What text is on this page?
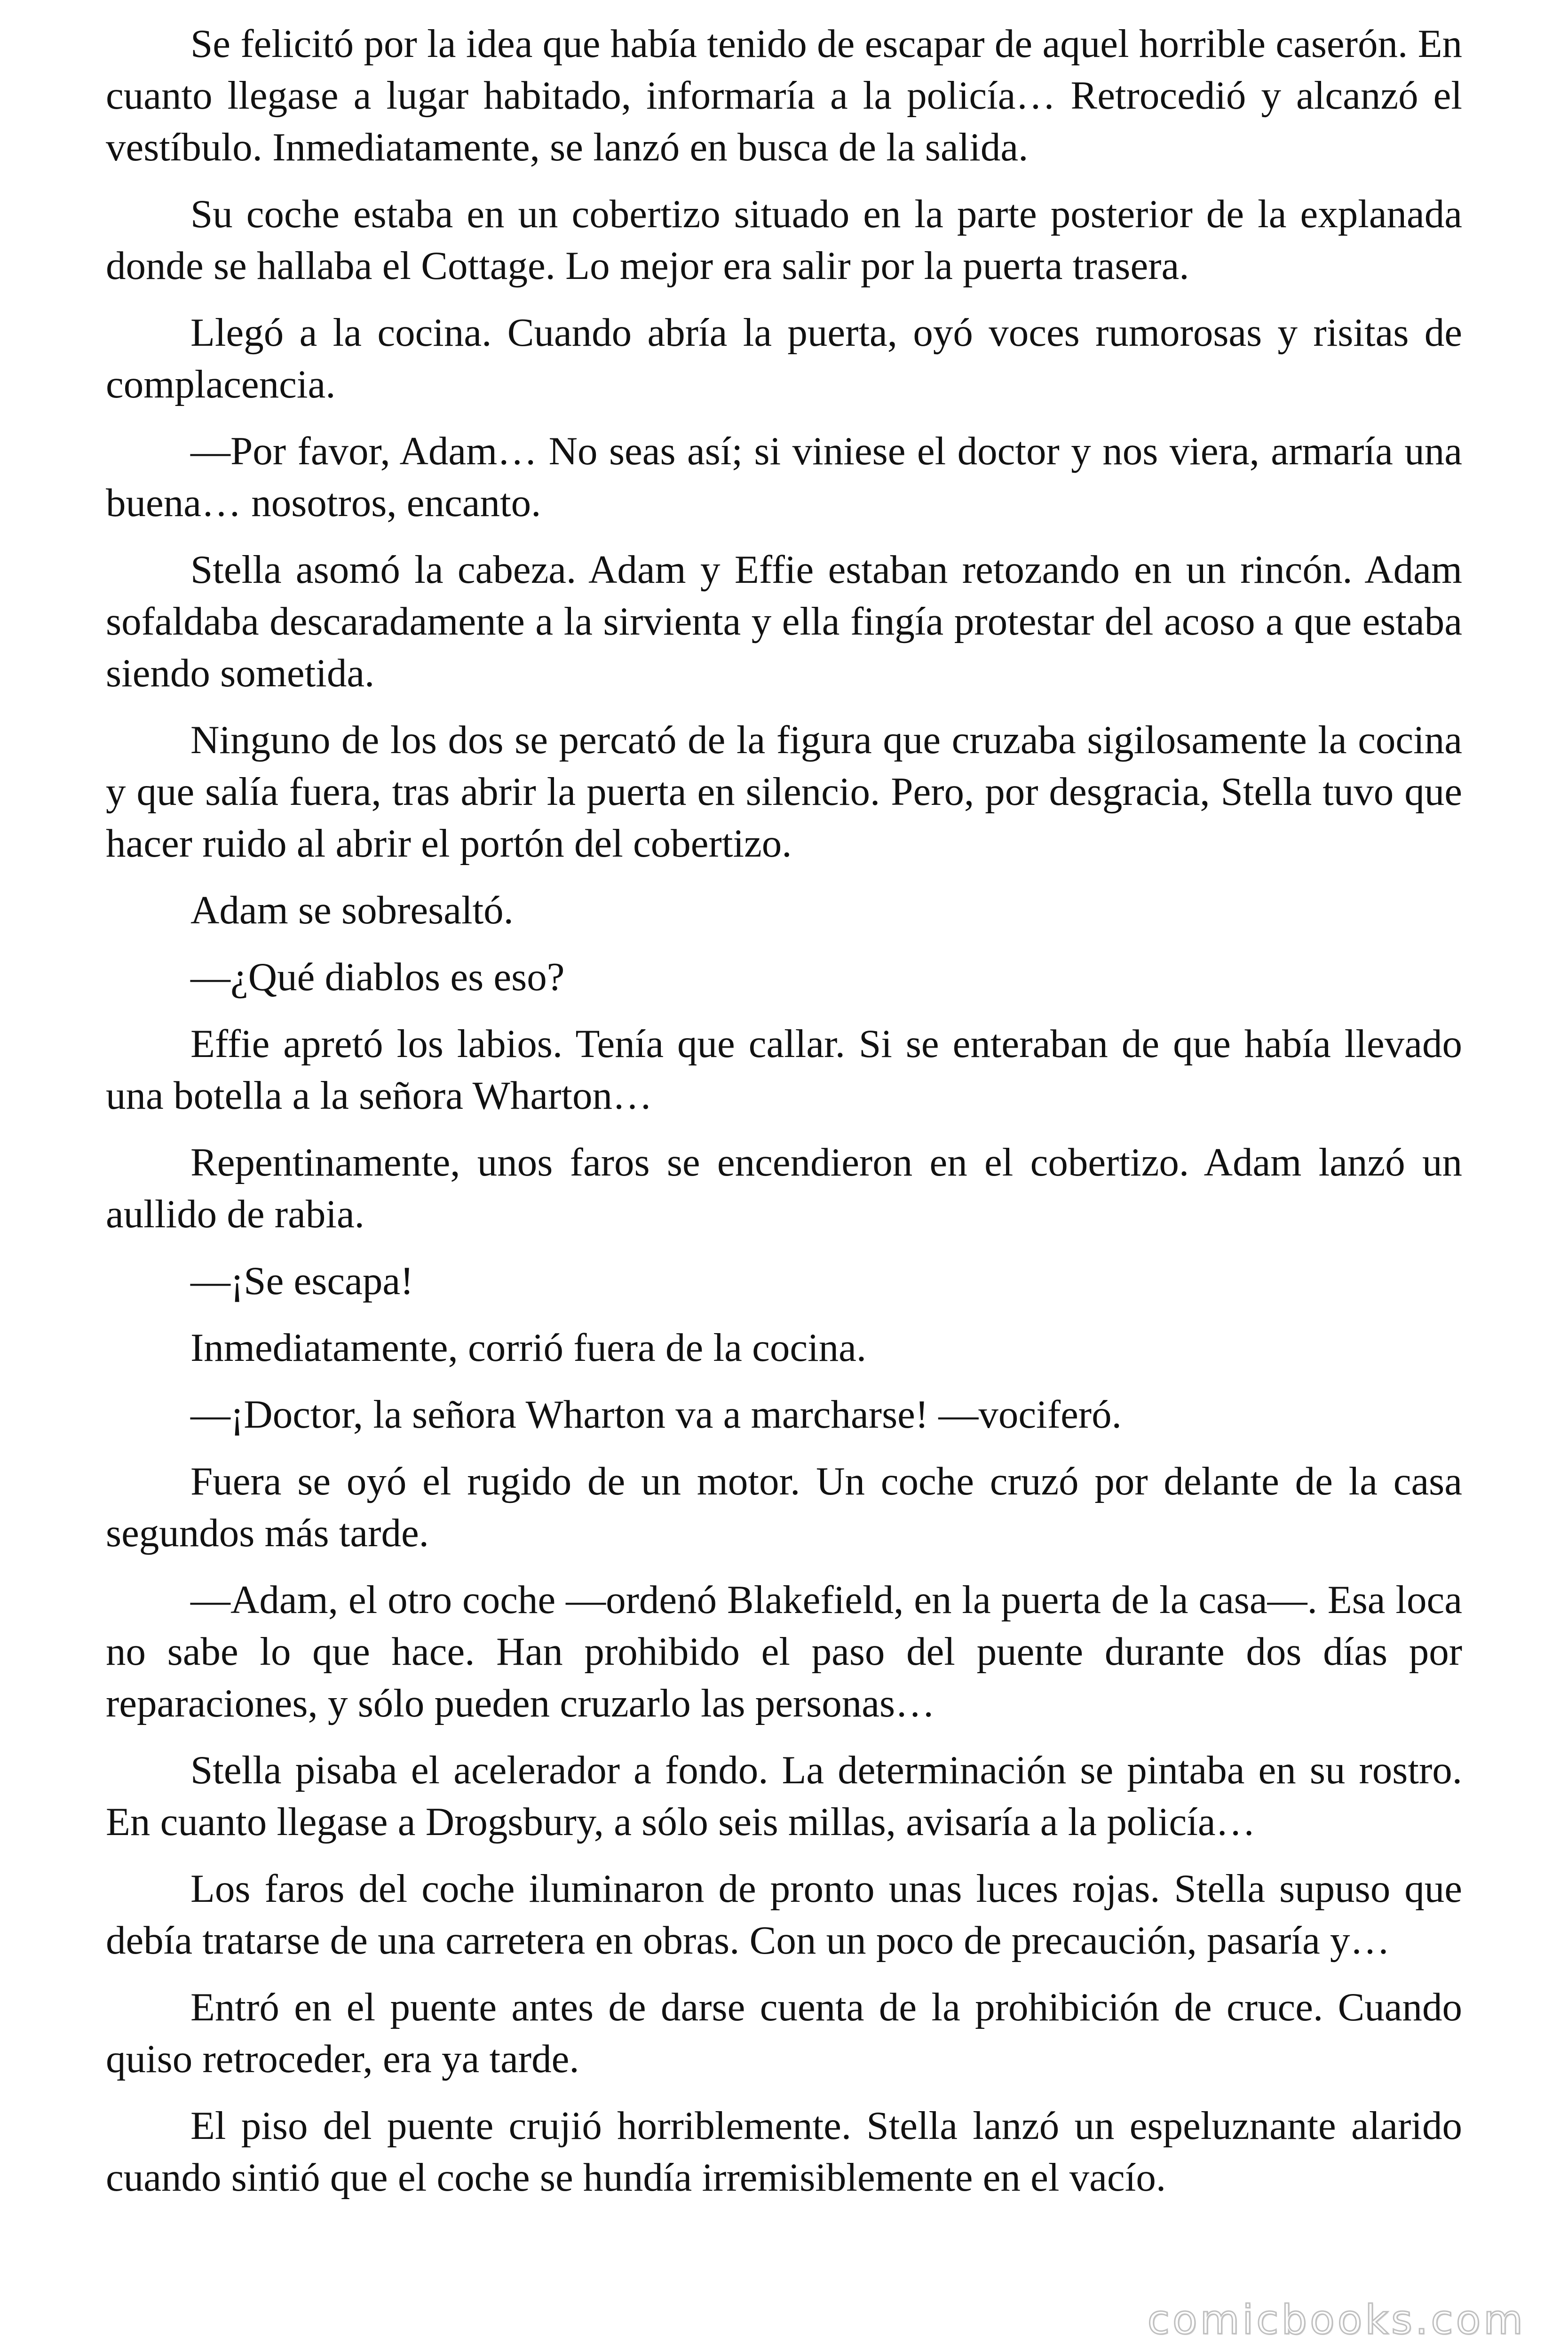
Se felicitó por la idea que había tenido de escapar de aquel horrible caserón. En cuanto llegase a lugar habitado, informaría a la policía… Retrocedió y alcanzó el vestíbulo. Inmediatamente, se lanzó en busca de la salida.

Su coche estaba en un cobertizo situado en la parte posterior de la explanada donde se hallaba el Cottage. Lo mejor era salir por la puerta trasera.

Llegó a la cocina. Cuando abría la puerta, oyó voces rumorosas y risitas de complacencia.

—Por favor, Adam… No seas así; si viniese el doctor y nos viera, armaría una buena… nosotros, encanto.

Stella asomó la cabeza. Adam y Effie estaban retozando en un rincón. Adam sofaldaba descaradamente a la sirvienta y ella fingía protestar del acoso a que estaba siendo sometida.

Ninguno de los dos se percató de la figura que cruzaba sigilosamente la cocina y que salía fuera, tras abrir la puerta en silencio. Pero, por desgracia, Stella tuvo que hacer ruido al abrir el portón del cobertizo.

Adam se sobresaltó.

—¿Qué diablos es eso?

Effie apretó los labios. Tenía que callar. Si se enteraban de que había llevado una botella a la señora Wharton…

Repentinamente, unos faros se encendieron en el cobertizo. Adam lanzó un aullido de rabia.

—¡Se escapa!

Inmediatamente, corrió fuera de la cocina.

—¡Doctor, la señora Wharton va a marcharse! —vociferó.

Fuera se oyó el rugido de un motor. Un coche cruzó por delante de la casa segundos más tarde.

—Adam, el otro coche —ordenó Blakefield, en la puerta de la casa—. Esa loca no sabe lo que hace. Han prohibido el paso del puente durante dos días por reparaciones, y sólo pueden cruzarlo las personas…

Stella pisaba el acelerador a fondo. La determinación se pintaba en su rostro. En cuanto llegase a Drogsbury, a sólo seis millas, avisaría a la policía…

Los faros del coche iluminaron de pronto unas luces rojas. Stella supuso que debía tratarse de una carretera en obras. Con un poco de precaución, pasaría y…

Entró en el puente antes de darse cuenta de la prohibición de cruce. Cuando quiso retroceder, era ya tarde.

El piso del puente crujió horriblemente. Stella lanzó un espeluznante alarido cuando sintió que el coche se hundía irremisiblemente en el vacío.

comicbooks.com
